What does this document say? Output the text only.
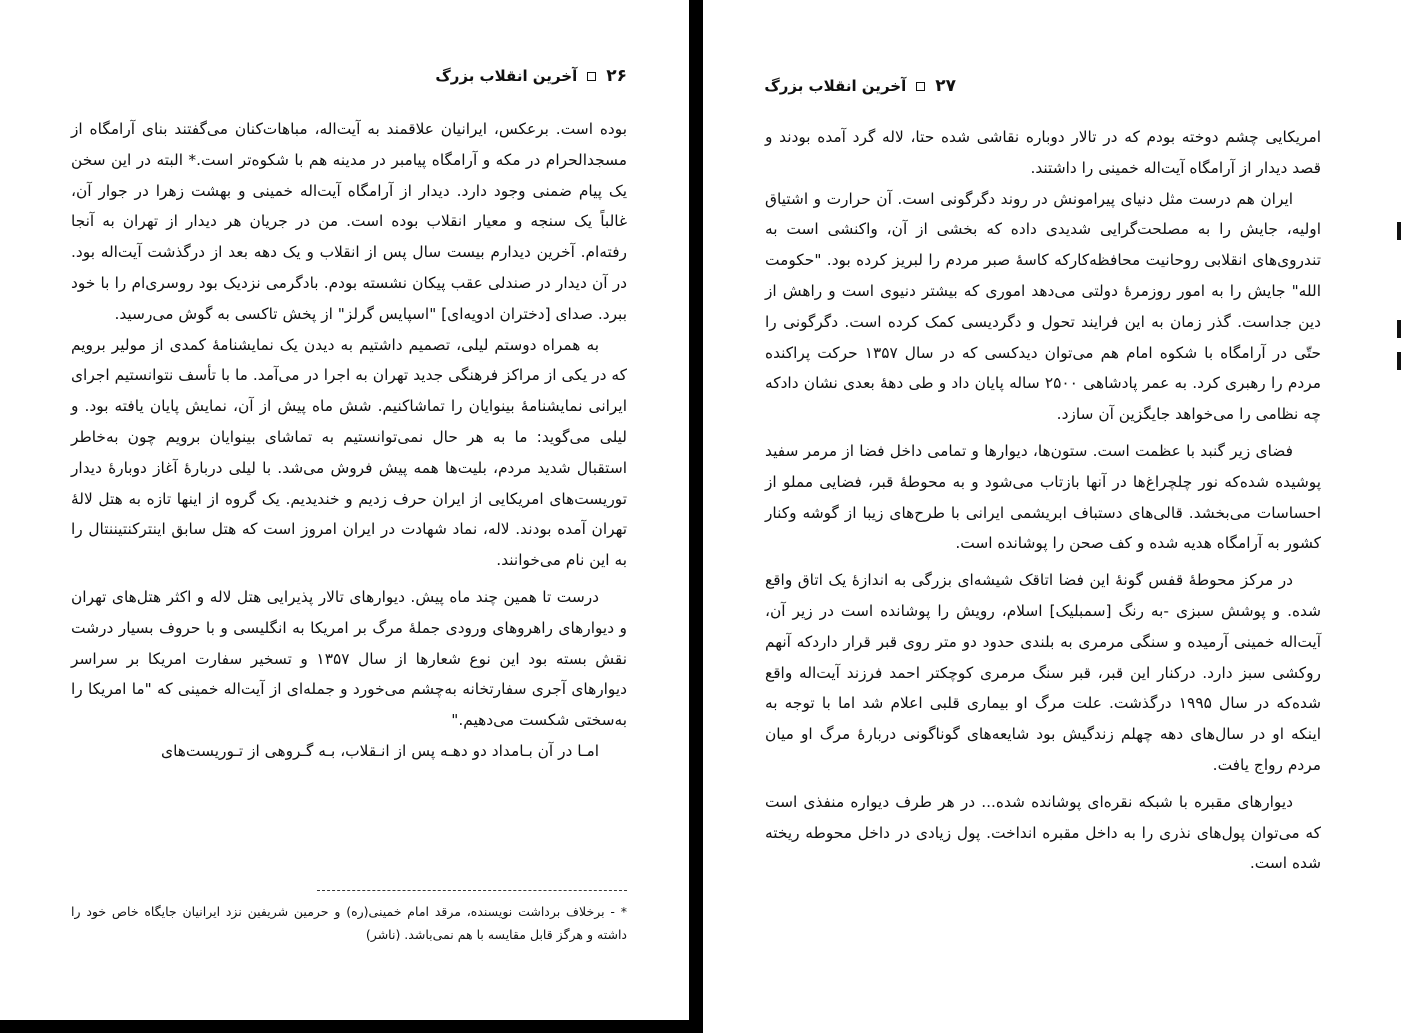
۲۶
آخرین انقلاب بزرگ

بوده است. برعکس، ایرانیان علاقمند به آیت‌اله، مباهات‌کنان می‌گفتند بنای آرامگاه از مسجدالحرام در مکه و آرامگاه پیامبر در مدینه هم با شکوه‌تر است.* البته در این سخن یک پیام ضمنی وجود دارد. دیدار از آرامگاه آیت‌اله خمینی و بهشت زهرا در جوار آن، غالباً یک سنجه و معیار انقلاب بوده است. من در جریان هر دیدار از تهران به آنجا رفته‌ام. آخرین دیدارم بیست سال پس از انقلاب و یک دهه بعد از درگذشت آیت‌اله بود. در آن دیدار در صندلی عقب پیکان نشسته بودم. بادگرمی نزدیک بود روسری‌ام را با خود ببرد. صدای [دختران ادویه‌ای] "اسپایس گرلز" از پخش تاکسی به گوش می‌رسید.

به همراه دوستم لیلی، تصمیم داشتیم به دیدن یک نمایشنامهٔ کمدی از مولیر برویم که در یکی از مراکز فرهنگی جدید تهران به اجرا در می‌آمد. ما با تأسف نتوانستیم اجرای ایرانی نمایشنامهٔ بینوایان را تماشاکنیم. شش ماه پیش از آن، نمایش پایان یافته بود. و لیلی می‌گوید: ما به هر حال نمی‌توانستیم به تماشای بینوایان برویم چون به‌خاطر استقبال شدید مردم، بلیت‌ها همه پیش فروش می‌شد. با لیلی دربارهٔ آغاز دوبارهٔ دیدار توریست‌های امریکایی از ایران حرف زدیم و خندیدیم. یک گروه از اینها تازه به هتل لالهٔ تهران آمده بودند. لاله، نماد شهادت در ایران امروز است که هتل سابق اینترکنتیننتال را به این نام می‌خوانند.

درست تا همین چند ماه پیش. دیوارهای تالار پذیرایی هتل لاله و اکثر هتل‌های تهران و دیوارهای راهروهای ورودی جملهٔ مرگ بر امریکا به انگلیسی و با حروف بسیار درشت نقش بسته بود این نوع شعارها از سال ۱۳۵۷ و تسخیر سفارت امریکا بر سراسر دیوارهای آجری سفارتخانه به‌چشم می‌خورد و جمله‌ای از آیت‌اله خمینی که "ما امریکا را به‌سختی شکست می‌دهیم."

امـا در آن بـامداد دو دهـه پس از انـقلاب، بـه گـروهی از تـوریست‌های

* - برخلاف برداشت نویسنده، مرقد امام خمینی(ره) و حرمین شریفین نزد ایرانیان جایگاه خاص خود را داشته و هرگز قابل مقایسه با هم نمی‌باشد. (ناشر)
۲۷
آخرین انقلاب بزرگ

امریکایی چشم دوخته بودم که در تالار دوباره نقاشی شده حتا، لاله گرد آمده بودند و قصد دیدار از آرامگاه آیت‌اله خمینی را داشتند.

ایران هم درست مثل دنیای پیرامونش در روند دگرگونی است. آن حرارت و اشتیاق اولیه، جایش را به مصلحت‌گرایی شدیدی داده که بخشی از آن، واکنشی است به تندروی‌های انقلابی روحانیت محافظه‌کارکه کاسهٔ صبر مردم را لبریز کرده بود. "حکومت الله" جایش را به امور روزمرهٔ دولتی می‌دهد اموری که بیشتر دنیوی است و راهش از دین جداست. گذر زمان به این فرایند تحول و دگردیسی کمک کرده است. دگرگونی را حتّی در آرامگاه با شکوه امام هم می‌توان دیدکسی که در سال ۱۳۵۷ حرکت پراکنده مردم را رهبری کرد. به عمر پادشاهی ۲۵۰۰ ساله پایان داد و طی دههٔ بعدی نشان دادکه چه نظامی را می‌خواهد جایگزین آن سازد.

فضای زیر گنبد با عظمت است. ستون‌ها، دیوارها و تمامی داخل فضا از مرمر سفید پوشیده شده‌که نور چلچراغ‌ها در آنها بازتاب می‌شود و به محوطهٔ قبر، فضایی مملو از احساسات می‌بخشد. قالی‌های دستباف ابریشمی ایرانی با طرح‌های زیبا از گوشه وکنار کشور به آرامگاه هدیه شده و کف صحن را پوشانده است.

در مرکز محوطهٔ قفس گونهٔ این فضا اتاقک شیشه‌ای بزرگی به اندازهٔ یک اتاق واقع شده. و پوشش سبزی -به رنگ [سمبلیک] اسلام، رویش را پوشانده است در زیر آن، آیت‌اله خمینی آرمیده و سنگی مرمری به بلندی حدود دو متر روی قبر قرار دارد‌که آنهم روکشی سبز دارد. درکنار این قبر، قبر سنگ مرمری کوچکتر احمد فرزند آیت‌اله واقع شده‌که در سال ۱۹۹۵ درگذشت. علت مرگ او بیماری قلبی اعلام شد اما با توجه به اینکه او در سال‌های دهه چهلم زندگیش بود شایعه‌های گوناگونی دربارهٔ مرگ او میان مردم رواج یافت.

دیوارهای مقبره با شبکه نقره‌ای پوشانده شده... در هر طرف دیواره منفذی است که می‌توان پول‌های نذری را به داخل مقبره انداخت. پول زیادی در داخل محوطه ریخته شده است.
